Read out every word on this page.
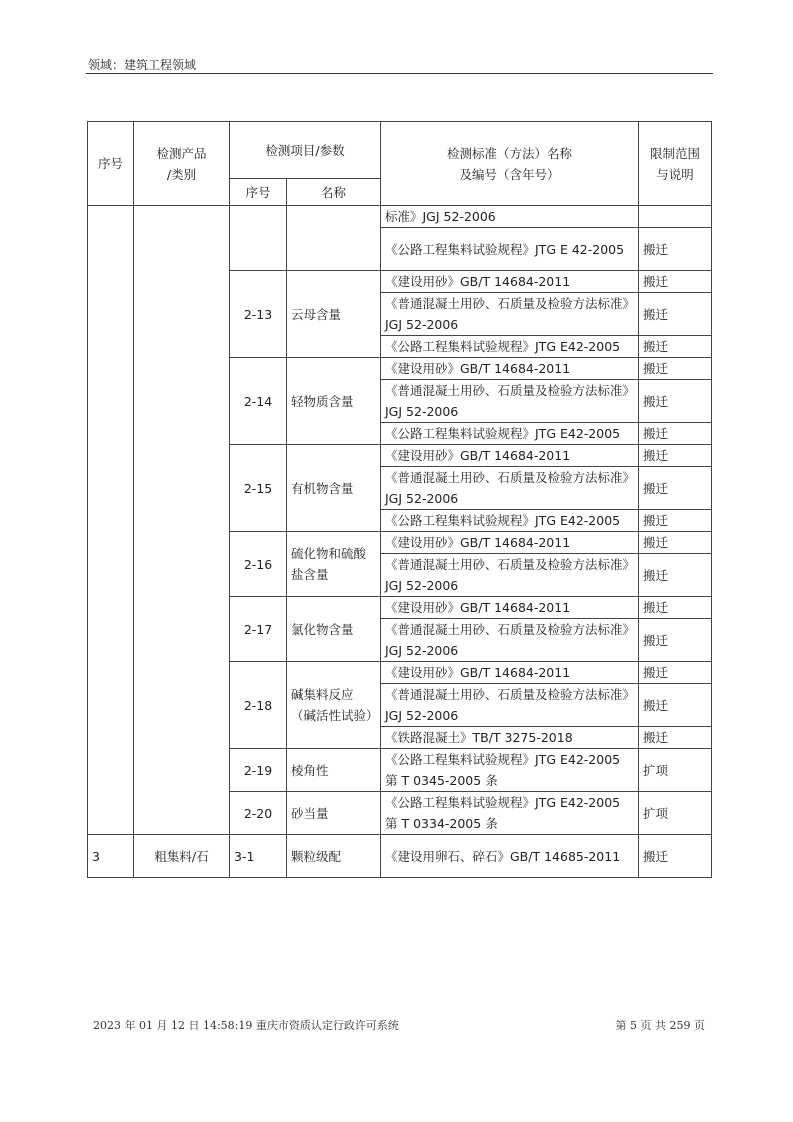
领域：建筑工程领域
序号	检测产品
/类别	检测项目/参数		检测标准（方法）名称
及编号（含年号）	限制范围
与说明
		序号	名称		
				标准》JGJ 52-2006	
				《公路工程集料试验规程》JTG E 42-2005	搬迁
		2-13	云母含量	《建设用砂》GB/T 14684-2011	搬迁
				《普通混凝土用砂、石质量及检验方法标准》JGJ 52-2006	搬迁
				《公路工程集料试验规程》JTG E42-2005	搬迁
		2-14	轻物质含量	《建设用砂》GB/T 14684-2011	搬迁
				《普通混凝土用砂、石质量及检验方法标准》JGJ 52-2006	搬迁
				《公路工程集料试验规程》JTG E42-2005	搬迁
		2-15	有机物含量	《建设用砂》GB/T 14684-2011	搬迁
				《普通混凝土用砂、石质量及检验方法标准》JGJ 52-2006	搬迁
				《公路工程集料试验规程》JTG E42-2005	搬迁
		2-16	硫化物和硫酸盐含量	《建设用砂》GB/T 14684-2011	搬迁
				《普通混凝土用砂、石质量及检验方法标准》JGJ 52-2006	搬迁
		2-17	氯化物含量	《建设用砂》GB/T 14684-2011	搬迁
				《普通混凝土用砂、石质量及检验方法标准》JGJ 52-2006	搬迁
		2-18	碱集料反应（碱活性试验）	《建设用砂》GB/T 14684-2011	搬迁
				《普通混凝土用砂、石质量及检验方法标准》JGJ 52-2006	搬迁
				《铁路混凝土》TB/T 3275-2018	搬迁
		2-19	棱角性	《公路工程集料试验规程》JTG E42-2005 第 T 0345-2005 条	扩项
		2-20	砂当量	《公路工程集料试验规程》JTG E42-2005 第 T 0334-2005 条	扩项
3	粗集料/石	3-1	颗粒级配	《建设用卵石、碎石》GB/T 14685-2011	搬迁
2023 年 01 月 12 日 14:58:19 重庆市资质认定行政许可系统	第 5 页 共 259 页
